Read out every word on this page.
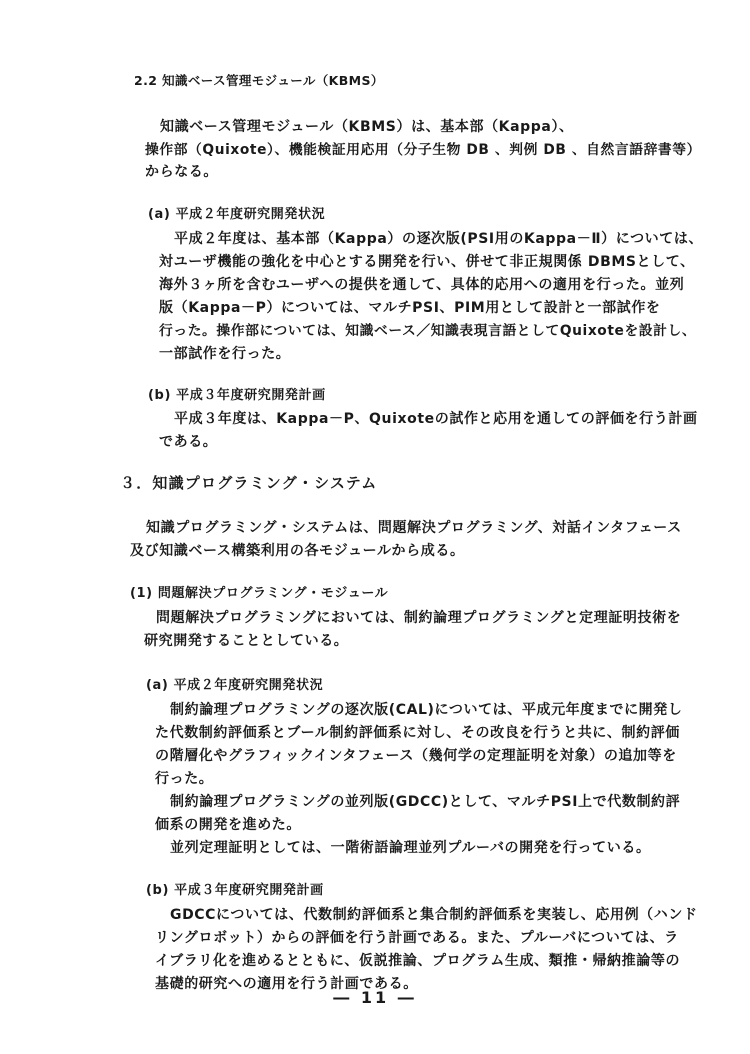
2.2 知識ベース管理モジュール（KBMS）
知識ベース管理モジュール（KBMS）は、基本部（Kappa）、
操作部（Quixote）、機能検証用応用（分子生物 DB 、判例 DB 、自然言語辞書等）
からなる。
(a) 平成２年度研究開発状況
平成２年度は、基本部（Kappa）の逐次版(PSI用のKappa－Ⅱ）については、
対ユーザ機能の強化を中心とする開発を行い、併せて非正規関係 DBMSとして、
海外３ヶ所を含むユーザへの提供を通して、具体的応用への適用を行った。並列
版（Kappa－P）については、マルチPSI、PIM用として設計と一部試作を
行った。操作部については、知識ベース／知識表現言語としてQuixoteを設計し、
一部試作を行った。
(b) 平成３年度研究開発計画
平成３年度は、Kappa－P、Quixoteの試作と応用を通しての評価を行う計画
である。
３．知識プログラミング・システム
知識プログラミング・システムは、問題解決プログラミング、対話インタフェース
及び知識ベース構築利用の各モジュールから成る。
(1) 問題解決プログラミング・モジュール
問題解決プログラミングにおいては、制約論理プログラミングと定理証明技術を
研究開発することとしている。
(a) 平成２年度研究開発状況
制約論理プログラミングの逐次版(CAL)については、平成元年度までに開発し
た代数制約評価系とブール制約評価系に対し、その改良を行うと共に、制約評価
の階層化やグラフィックインタフェース（幾何学の定理証明を対象）の追加等を
行った。
制約論理プログラミングの並列版(GDCC)として、マルチPSI上で代数制約評
価系の開発を進めた。
並列定理証明としては、一階術語論理並列プルーバの開発を行っている。
(b) 平成３年度研究開発計画
GDCCについては、代数制約評価系と集合制約評価系を実装し、応用例（ハンド
リングロボット）からの評価を行う計画である。また、プルーバについては、ラ
イブラリ化を進めるとともに、仮説推論、プログラム生成、類推・帰納推論等の
基礎的研究への適用を行う計画である。
― 11 ―
